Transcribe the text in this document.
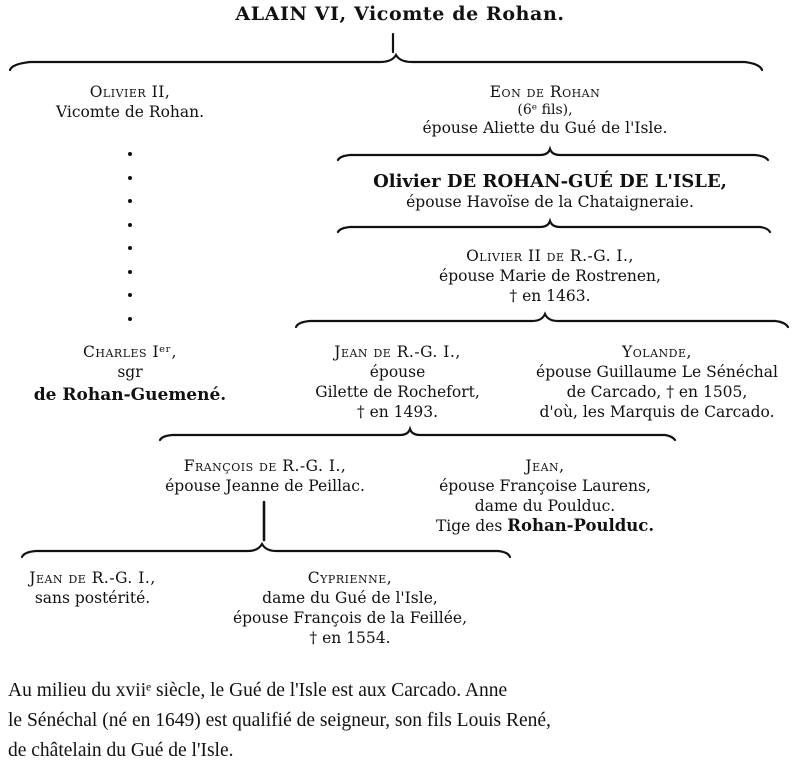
ALAIN VI, Vicomte de Rohan.
Olivier II,
Vicomte de Rohan.
Eon de Rohan
(6ᵉ fils),
épouse Aliette du Gué de l'Isle.
Olivier DE ROHAN-GUÉ DE L'ISLE,
épouse Havoïse de la Chataigneraie.
Olivier II de R.-G. I.,
épouse Marie de Rostrenen,
† en 1463.
Charles Iᵉʳ,
sgr
de Rohan-Guemené.
Jean de R.-G. I.,
épouse
Gilette de Rochefort,
† en 1493.
Yolande,
épouse Guillaume Le Sénéchal
de Carcado, † en 1505,
d'où, les Marquis de Carcado.
François de R.-G. I.,
épouse Jeanne de Peillac.
Jean,
épouse Françoise Laurens,
dame du Poulduc.
Tige des Rohan-Poulduc.
Jean de R.-G. I.,
sans postérité.
Cyprienne,
dame du Gué de l'Isle,
épouse François de la Feillée,
† en 1554.
Au milieu du xviiᵉ siècle, le Gué de l'Isle est aux Carcado. Anne
le Sénéchal (né en 1649) est qualifié de seigneur, son fils Louis René,
de châtelain du Gué de l'Isle.
